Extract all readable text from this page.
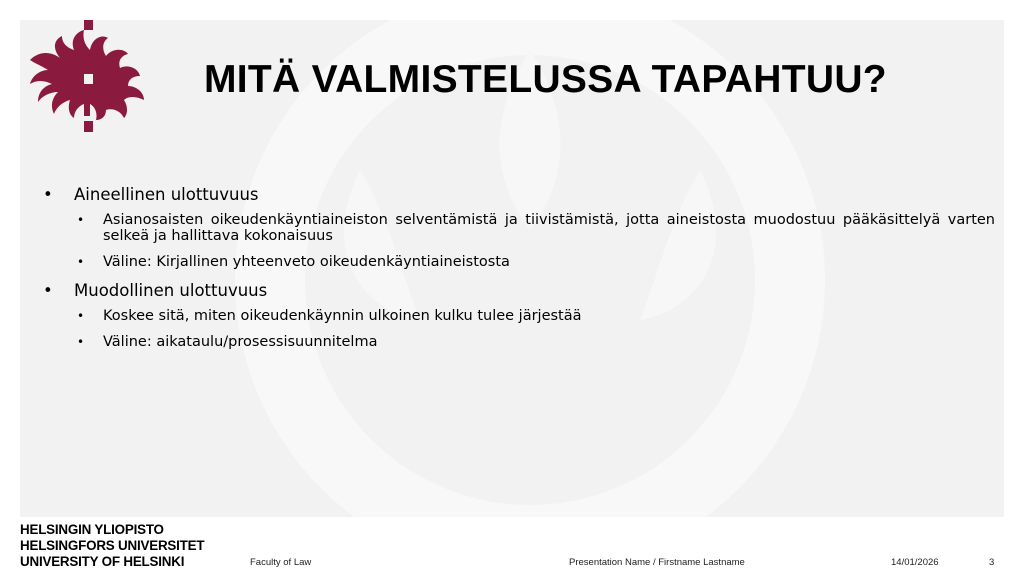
MITÄ VALMISTELUSSA TAPAHTUU?
• Aineellinen ulottuvuus
• Asianosaisten oikeudenkäyntiaineiston selventämistä ja tiivistämistä, jotta aineistosta muodostuu pääkäsittelyä varten selkeä ja hallittava kokonaisuus
• Väline: Kirjallinen yhteenveto oikeudenkäyntiaineistosta
• Muodollinen ulottuvuus
• Koskee sitä, miten oikeudenkäynnin ulkoinen kulku tulee järjestää
• Väline: aikataulu/prosessisuunnitelma
HELSINGIN YLIOPISTO
HELSINGFORS UNIVERSITET
UNIVERSITY OF HELSINKI	Faculty of Law	Presentation Name / Firstname Lastname	14/01/2026	3
